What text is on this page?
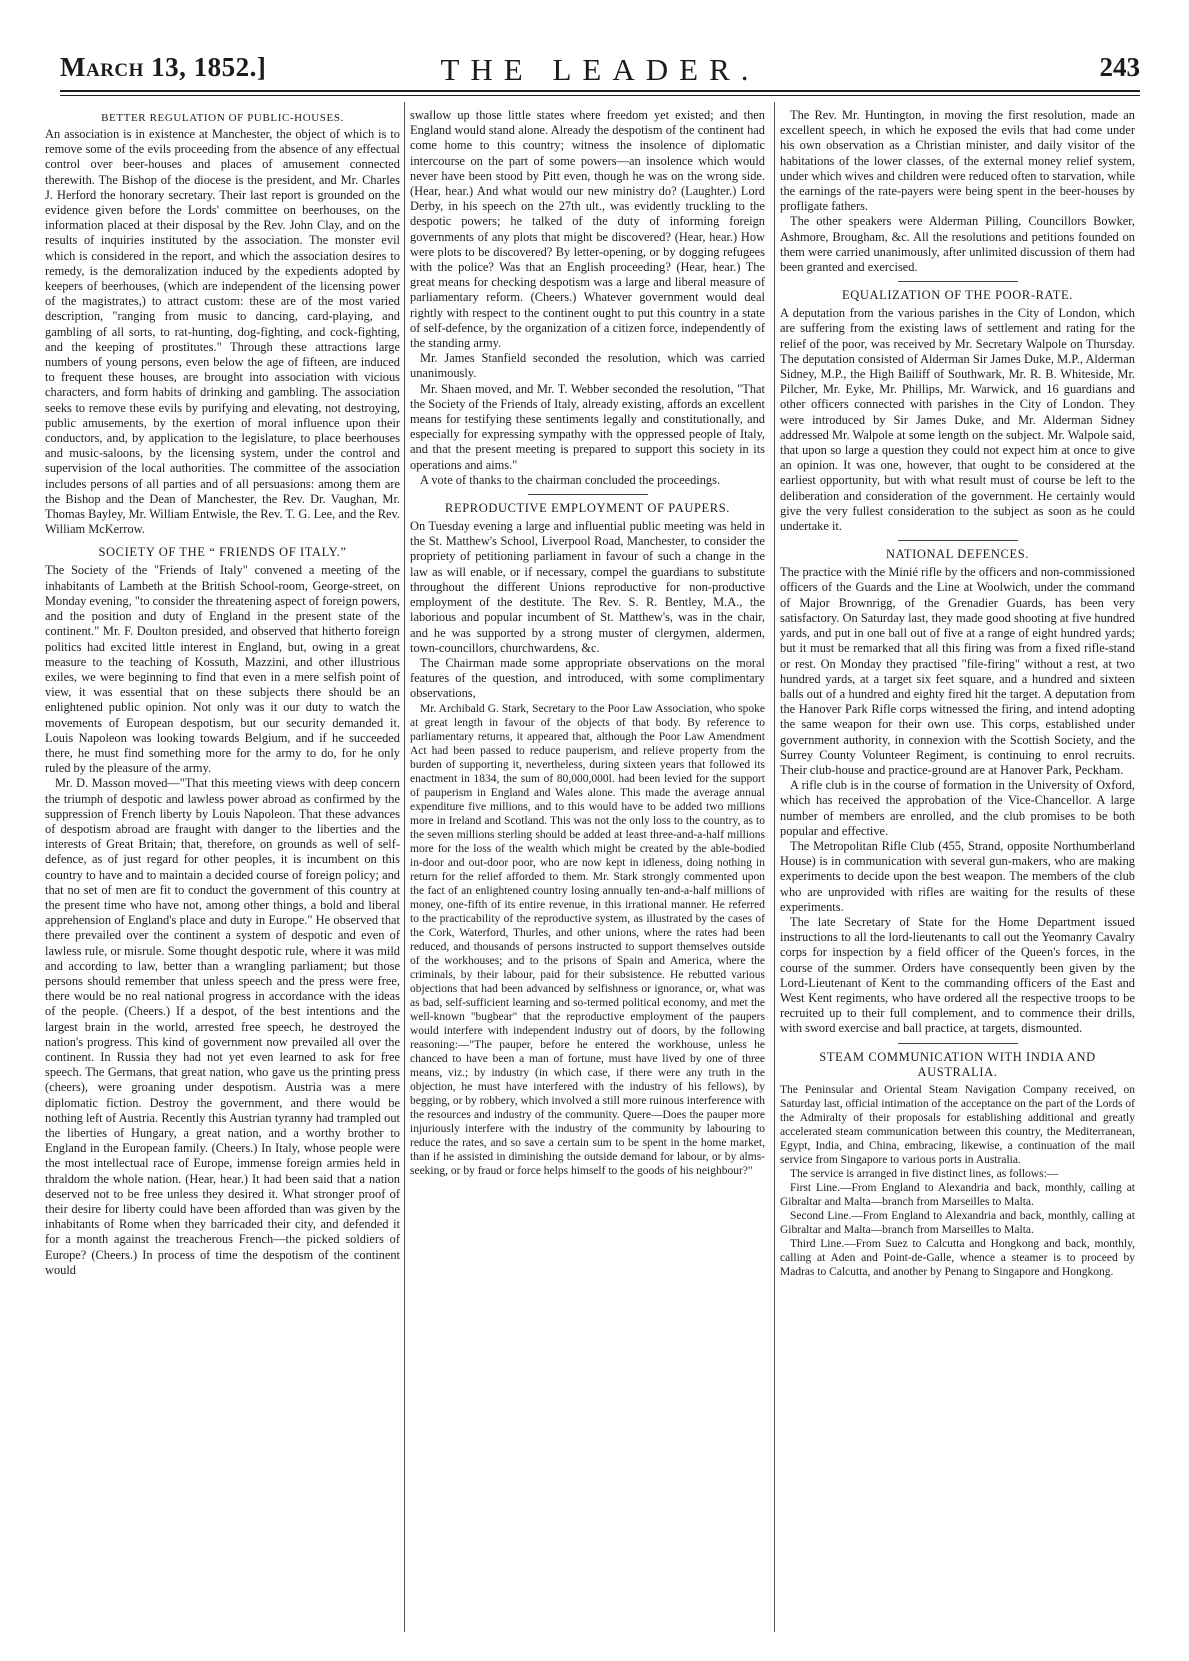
March 13, 1852.]	THE LEADER.	243
BETTER REGULATION OF PUBLIC-HOUSES.

An association is in existence at Manchester, the object of which is to remove some of the evils proceeding from the absence of any effectual control over beer-houses and places of amusement connected therewith. The Bishop of the diocese is the president, and Mr. Charles J. Herford the honorary secretary. Their last report is grounded on the evidence given before the Lords' committee on beerhouses, on the information placed at their disposal by the Rev. John Clay, and on the results of inquiries instituted by the association. The monster evil which is considered in the report, and which the association desires to remedy, is the demoralization induced by the expedients adopted by keepers of beerhouses, (which are independent of the licensing power of the magistrates,) to attract custom: these are of the most varied description, "ranging from music to dancing, card-playing, and gambling of all sorts, to rat-hunting, dog-fighting, and cock-fighting, and the keeping of prostitutes." Through these attractions large numbers of young persons, even below the age of fifteen, are induced to frequent these houses, are brought into association with vicious characters, and form habits of drinking and gambling. The association seeks to remove these evils by purifying and elevating, not destroying, public amusements, by the exertion of moral influence upon their conductors, and, by application to the legislature, to place beerhouses and music-saloons, by the licensing system, under the control and supervision of the local authorities. The committee of the association includes persons of all parties and of all persuasions: among them are the Bishop and the Dean of Manchester, the Rev. Dr. Vaughan, Mr. Thomas Bayley, Mr. William Entwisle, the Rev. T. G. Lee, and the Rev. William McKerrow.

SOCIETY OF THE “ FRIENDS OF ITALY.”

The Society of the "Friends of Italy" convened a meeting of the inhabitants of Lambeth at the British School-room, George-street, on Monday evening, "to consider the threatening aspect of foreign powers, and the position and duty of England in the present state of the continent." Mr. F. Doulton presided, and observed that hitherto foreign politics had excited little interest in England, but, owing in a great measure to the teaching of Kossuth, Mazzini, and other illustrious exiles, we were beginning to find that even in a mere selfish point of view, it was essential that on these subjects there should be an enlightened public opinion. Not only was it our duty to watch the movements of European despotism, but our security demanded it. Louis Napoleon was looking towards Belgium, and if he succeeded there, he must find something more for the army to do, for he only ruled by the pleasure of the army.

Mr. D. Masson moved—"That this meeting views with deep concern the triumph of despotic and lawless power abroad as confirmed by the suppression of French liberty by Louis Napoleon. That these advances of despotism abroad are fraught with danger to the liberties and the interests of Great Britain; that, therefore, on grounds as well of self-defence, as of just regard for other peoples, it is incumbent on this country to have and to maintain a decided course of foreign policy; and that no set of men are fit to conduct the government of this country at the present time who have not, among other things, a bold and liberal apprehension of England's place and duty in Europe." He observed that there prevailed over the continent a system of despotic and even of lawless rule, or misrule. Some thought despotic rule, where it was mild and according to law, better than a wrangling parliament; but those persons should remember that unless speech and the press were free, there would be no real national progress in accordance with the ideas of the people. (Cheers.) If a despot, of the best intentions and the largest brain in the world, arrested free speech, he destroyed the nation's progress. This kind of government now prevailed all over the continent. In Russia they had not yet even learned to ask for free speech. The Germans, that great nation, who gave us the printing press (cheers), were groaning under despotism. Austria was a mere diplomatic fiction. Destroy the government, and there would be nothing left of Austria. Recently this Austrian tyranny had trampled out the liberties of Hungary, a great nation, and a worthy brother to England in the European family. (Cheers.) In Italy, whose people were the most intellectual race of Europe, immense foreign armies held in thraldom the whole nation. (Hear, hear.) It had been said that a nation deserved not to be free unless they desired it. What stronger proof of their desire for liberty could have been afforded than was given by the inhabitants of Rome when they barricaded their city, and defended it for a month against the treacherous French—the picked soldiers of Europe? (Cheers.) In process of time the despotism of the continent would

swallow up those little states where freedom yet existed; and then England would stand alone. Already the despotism of the continent had come home to this country; witness the insolence of diplomatic intercourse on the part of some powers—an insolence which would never have been stood by Pitt even, though he was on the wrong side. (Hear, hear.) And what would our new ministry do? (Laughter.) Lord Derby, in his speech on the 27th ult., was evidently truckling to the despotic powers; he talked of the duty of informing foreign governments of any plots that might be discovered? (Hear, hear.) How were plots to be discovered? By letter-opening, or by dogging refugees with the police? Was that an English proceeding? (Hear, hear.) The great means for checking despotism was a large and liberal measure of parliamentary reform. (Cheers.) Whatever government would deal rightly with respect to the continent ought to put this country in a state of self-defence, by the organization of a citizen force, independently of the standing army.

Mr. James Stanfield seconded the resolution, which was carried unanimously.

Mr. Shaen moved, and Mr. T. Webber seconded the resolution, "That the Society of the Friends of Italy, already existing, affords an excellent means for testifying these sentiments legally and constitutionally, and especially for expressing sympathy with the oppressed people of Italy, and that the present meeting is prepared to support this society in its operations and aims."

A vote of thanks to the chairman concluded the proceedings.

REPRODUCTIVE EMPLOYMENT OF PAUPERS.

On Tuesday evening a large and influential public meeting was held in the St. Matthew's School, Liverpool Road, Manchester, to consider the propriety of petitioning parliament in favour of such a change in the law as will enable, or if necessary, compel the guardians to substitute throughout the different Unions reproductive for non-productive employment of the destitute. The Rev. S. R. Bentley, M.A., the laborious and popular incumbent of St. Matthew's, was in the chair, and he was supported by a strong muster of clergymen, aldermen, town-councillors, churchwardens, &c.

The Chairman made some appropriate observations on the moral features of the question, and introduced, with some complimentary observations,

Mr. Archibald G. Stark, Secretary to the Poor Law Association, who spoke at great length in favour of the objects of that body. By reference to parliamentary returns, it appeared that, although the Poor Law Amendment Act had been passed to reduce pauperism, and relieve property from the burden of supporting it, nevertheless, during sixteen years that followed its enactment in 1834, the sum of 80,000,000l. had been levied for the support of pauperism in England and Wales alone. This made the average annual expenditure five millions, and to this would have to be added two millions more in Ireland and Scotland. This was not the only loss to the country, as to the seven millions sterling should be added at least three-and-a-half millions more for the loss of the wealth which might be created by the able-bodied in-door and out-door poor, who are now kept in idleness, doing nothing in return for the relief afforded to them. Mr. Stark strongly commented upon the fact of an enlightened country losing annually ten-and-a-half millions of money, one-fifth of its entire revenue, in this irrational manner. He referred to the practicability of the reproductive system, as illustrated by the cases of the Cork, Waterford, Thurles, and other unions, where the rates had been reduced, and thousands of persons instructed to support themselves outside of the workhouses; and to the prisons of Spain and America, where the criminals, by their labour, paid for their subsistence. He rebutted various objections that had been advanced by selfishness or ignorance, or, what was as bad, self-sufficient learning and so-termed political economy, and met the well-known "bugbear" that the reproductive employment of the paupers would interfere with independent industry out of doors, by the following reasoning:—"The pauper, before he entered the workhouse, unless he chanced to have been a man of fortune, must have lived by one of three means, viz.; by industry (in which case, if there were any truth in the objection, he must have interfered with the industry of his fellows), by begging, or by robbery, which involved a still more ruinous interference with the resources and industry of the community. Quere—Does the pauper more injuriously interfere with the industry of the community by labouring to reduce the rates, and so save a certain sum to be spent in the home market, than if he assisted in diminishing the outside demand for labour, or by alms-seeking, or by fraud or force helps himself to the goods of his neighbour?"

The Rev. Mr. Huntington, in moving the first resolution, made an excellent speech, in which he exposed the evils that had come under his own observation as a Christian minister, and daily visitor of the habitations of the lower classes, of the external money relief system, under which wives and children were reduced often to starvation, while the earnings of the rate-payers were being spent in the beer-houses by profligate fathers.

The other speakers were Alderman Pilling, Councillors Bowker, Ashmore, Brougham, &c. All the resolutions and petitions founded on them were carried unanimously, after unlimited discussion of them had been granted and exercised.

EQUALIZATION OF THE POOR-RATE.

A deputation from the various parishes in the City of London, which are suffering from the existing laws of settlement and rating for the relief of the poor, was received by Mr. Secretary Walpole on Thursday. The deputation consisted of Alderman Sir James Duke, M.P., Alderman Sidney, M.P., the High Bailiff of Southwark, Mr. R. B. Whiteside, Mr. Pilcher, Mr. Eyke, Mr. Phillips, Mr. Warwick, and 16 guardians and other officers connected with parishes in the City of London. They were introduced by Sir James Duke, and Mr. Alderman Sidney addressed Mr. Walpole at some length on the subject. Mr. Walpole said, that upon so large a question they could not expect him at once to give an opinion. It was one, however, that ought to be considered at the earliest opportunity, but with what result must of course be left to the deliberation and consideration of the government. He certainly would give the very fullest consideration to the subject as soon as he could undertake it.

NATIONAL DEFENCES.

The practice with the Minié rifle by the officers and non-commissioned officers of the Guards and the Line at Woolwich, under the command of Major Brownrigg, of the Grenadier Guards, has been very satisfactory. On Saturday last, they made good shooting at five hundred yards, and put in one ball out of five at a range of eight hundred yards; but it must be remarked that all this firing was from a fixed rifle-stand or rest. On Monday they practised "file-firing" without a rest, at two hundred yards, at a target six feet square, and a hundred and sixteen balls out of a hundred and eighty fired hit the target. A deputation from the Hanover Park Rifle corps witnessed the firing, and intend adopting the same weapon for their own use. This corps, established under government authority, in connexion with the Scottish Society, and the Surrey County Volunteer Regiment, is continuing to enrol recruits. Their club-house and practice-ground are at Hanover Park, Peckham.

A rifle club is in the course of formation in the University of Oxford, which has received the approbation of the Vice-Chancellor. A large number of members are enrolled, and the club promises to be both popular and effective.

The Metropolitan Rifle Club (455, Strand, opposite Northumberland House) is in communication with several gun-makers, who are making experiments to decide upon the best weapon. The members of the club who are unprovided with rifles are waiting for the results of these experiments.

The late Secretary of State for the Home Department issued instructions to all the lord-lieutenants to call out the Yeomanry Cavalry corps for inspection by a field officer of the Queen's forces, in the course of the summer. Orders have consequently been given by the Lord-Lieutenant of Kent to the commanding officers of the East and West Kent regiments, who have ordered all the respective troops to be recruited up to their full complement, and to commence their drills, with sword exercise and ball practice, at targets, dismounted.

STEAM COMMUNICATION WITH INDIA AND AUSTRALIA.

The Peninsular and Oriental Steam Navigation Company received, on Saturday last, official intimation of the acceptance on the part of the Lords of the Admiralty of their proposals for establishing additional and greatly accelerated steam communication between this country, the Mediterranean, Egypt, India, and China, embracing, likewise, a continuation of the mail service from Singapore to various ports in Australia.

The service is arranged in five distinct lines, as follows:—

First Line.—From England to Alexandria and back, monthly, calling at Gibraltar and Malta—branch from Marseilles to Malta.

Second Line.—From England to Alexandria and back, monthly, calling at Gibraltar and Malta—branch from Marseilles to Malta.

Third Line.—From Suez to Calcutta and Hongkong and back, monthly, calling at Aden and Point-de-Galle, whence a steamer is to proceed by Madras to Calcutta, and another by Penang to Singapore and Hongkong.
